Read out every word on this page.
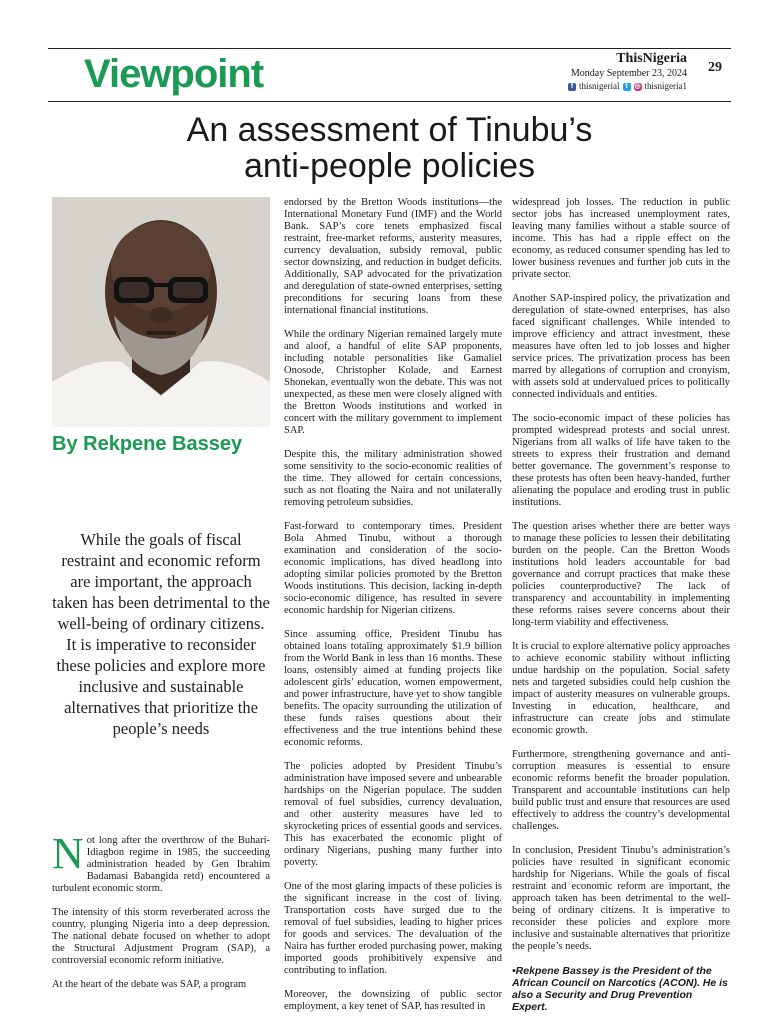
Viewpoint	ThisNigeria
Monday September 23, 2024
f thisnigerial t ◎ thisnigeria1
29
An assessment of Tinubu’s
anti-people policies
By Rekpene Bassey
While the goals of fiscal restraint and economic reform are important, the approach taken has been detrimental to the well-being of ordinary citizens. It is imperative to reconsider these policies and explore more inclusive and sustainable alternatives that prioritize the people’s needs

Not long after the overthrow of the Buhari-Idiagbon regime in 1985, the succeeding administration headed by Gen Ibrahim Badamasi Babangida retd) encountered a turbulent economic storm.

The intensity of this storm reverberated across the country, plunging Nigeria into a deep depression. The national debate focused on whether to adopt the Structural Adjustment Program (SAP), a controversial economic reform initiative.

At the heart of the debate was SAP, a program

endorsed by the Bretton Woods institutions—the International Monetary Fund (IMF) and the World Bank. SAP’s core tenets emphasized fiscal restraint, free-market reforms, austerity measures, currency devaluation, subsidy removal, public sector downsizing, and reduction in budget deficits. Additionally, SAP advocated for the privatization and deregulation of state-owned enterprises, setting preconditions for securing loans from these international financial institutions.

While the ordinary Nigerian remained largely mute and aloof, a handful of elite SAP proponents, including notable personalities like Gamaliel Onosode, Christopher Kolade, and Earnest Shonekan, eventually won the debate. This was not unexpected, as these men were closely aligned with the Bretton Woods institutions and worked in concert with the military government to implement SAP.

Despite this, the military administration showed some sensitivity to the socio-economic realities of the time. They allowed for certain concessions, such as not floating the Naira and not unilaterally removing petroleum subsidies.

Fast-forward to contemporary times. President Bola Ahmed Tinubu, without a thorough examination and consideration of the socio-economic implications, has dived headlong into adopting similar policies promoted by the Bretton Woods institutions. This decision, lacking in-depth socio-economic diligence, has resulted in severe economic hardship for Nigerian citizens.

Since assuming office, President Tinubu has obtained loans totaling approximately $1.9 billion from the World Bank in less than 16 months. These loans, ostensibly aimed at funding projects like adolescent girls’ education, women empowerment, and power infrastructure, have yet to show tangible benefits. The opacity surrounding the utilization of these funds raises questions about their effectiveness and the true intentions behind these economic reforms.

The policies adopted by President Tinubu’s administration have imposed severe and unbearable hardships on the Nigerian populace. The sudden removal of fuel subsidies, currency devaluation, and other austerity measures have led to skyrocketing prices of essential goods and services. This has exacerbated the economic plight of ordinary Nigerians, pushing many further into poverty.

One of the most glaring impacts of these policies is the significant increase in the cost of living. Transportation costs have surged due to the removal of fuel subsidies, leading to higher prices for goods and services. The devaluation of the Naira has further eroded purchasing power, making imported goods prohibitively expensive and contributing to inflation.

Moreover, the downsizing of public sector employment, a key tenet of SAP, has resulted in

widespread job losses. The reduction in public sector jobs has increased unemployment rates, leaving many families without a stable source of income. This has had a ripple effect on the economy, as reduced consumer spending has led to lower business revenues and further job cuts in the private sector.

Another SAP-inspired policy, the privatization and deregulation of state-owned enterprises, has also faced significant challenges. While intended to improve efficiency and attract investment, these measures have often led to job losses and higher service prices. The privatization process has been marred by allegations of corruption and cronyism, with assets sold at undervalued prices to politically connected individuals and entities.

The socio-economic impact of these policies has prompted widespread protests and social unrest. Nigerians from all walks of life have taken to the streets to express their frustration and demand better governance. The government’s response to these protests has often been heavy-handed, further alienating the populace and eroding trust in public institutions.

The question arises whether there are better ways to manage these policies to lessen their debilitating burden on the people. Can the Bretton Woods institutions hold leaders accountable for bad governance and corrupt practices that make these policies counterproductive? The lack of transparency and accountability in implementing these reforms raises severe concerns about their long-term viability and effectiveness.

It is crucial to explore alternative policy approaches to achieve economic stability without inflicting undue hardship on the population. Social safety nets and targeted subsidies could help cushion the impact of austerity measures on vulnerable groups. Investing in education, healthcare, and infrastructure can create jobs and stimulate economic growth.

Furthermore, strengthening governance and anti-corruption measures is essential to ensure economic reforms benefit the broader population. Transparent and accountable institutions can help build public trust and ensure that resources are used effectively to address the country’s developmental challenges.

In conclusion, President Tinubu’s administration’s policies have resulted in significant economic hardship for Nigerians. While the goals of fiscal restraint and economic reform are important, the approach taken has been detrimental to the well-being of ordinary citizens. It is imperative to reconsider these policies and explore more inclusive and sustainable alternatives that prioritize the people’s needs.

•Rekpene Bassey is the President of the African Council on Narcotics (ACON). He is also a Security and Drug Prevention Expert.
